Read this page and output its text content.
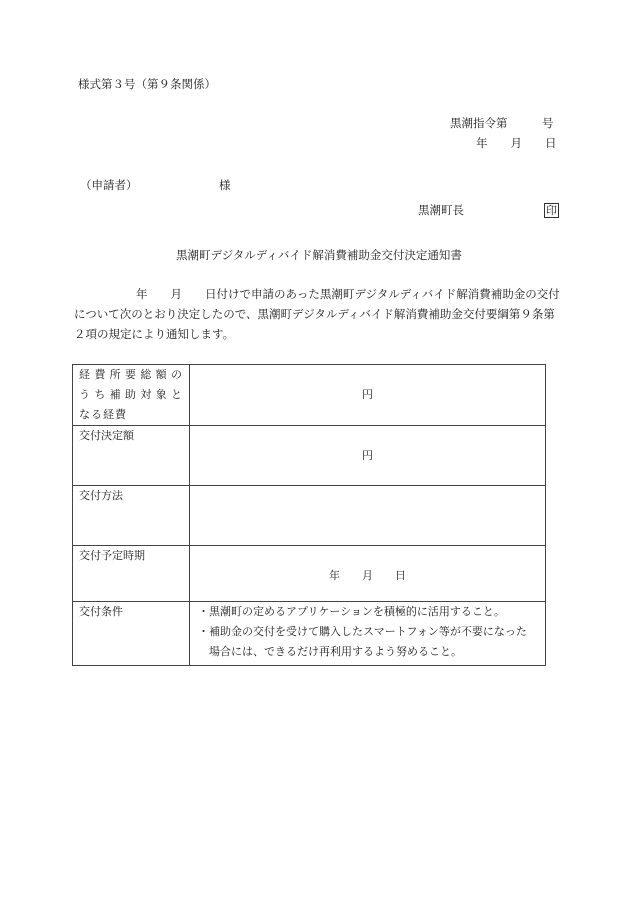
様式第３号（第９条関係）
黒潮指令第　　　号
年　　月　　日
（申請者）	様
黒潮町長	印
黒潮町デジタルディバイド解消費補助金交付決定通知書
年　　月　　日付けで申請のあった黒潮町デジタルディバイド解消費補助金の交付
について次のとおり決定したので、黒潮町デジタルディバイド解消費補助金交付要綱第９条第
２項の規定により通知します。
経費所要総額の
うち補助対象と
なる経費	円

交付決定額	円

交付方法	

交付予定時期	年　　月　　日

交付条件	・黒潮町の定めるアプリケーションを積極的に活用すること。
・補助金の交付を受けて購入したスマートフォン等が不要になった
　場合には、できるだけ再利用するよう努めること。
